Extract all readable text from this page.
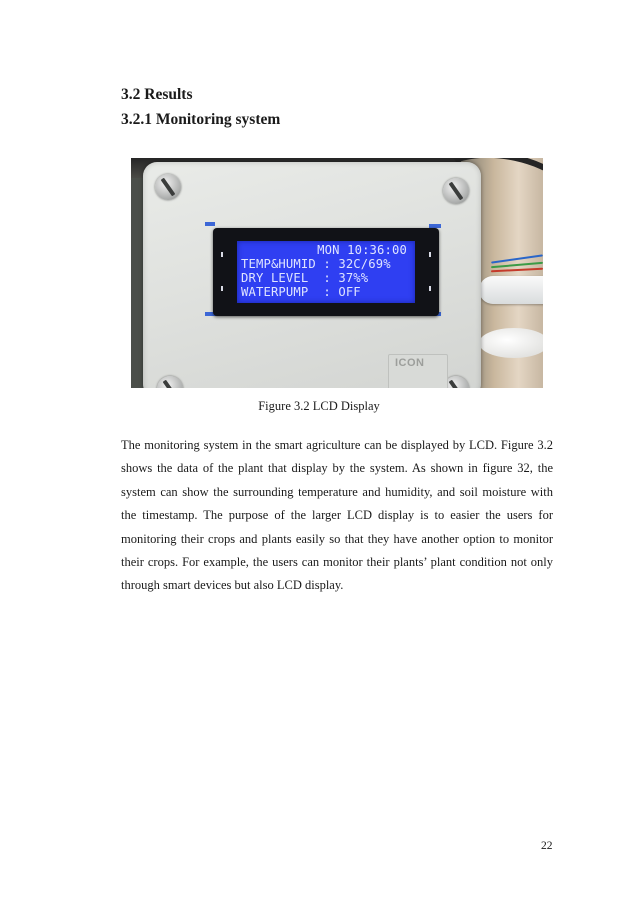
3.2 Results
3.2.1 Monitoring system
MON 10:36:00
TEMP&HUMID : 32C/69%
DRY LEVEL  : 37%%
WATERPUMP  : OFF
ICON
Figure 3.2 LCD Display

The monitoring system in the smart agriculture can be displayed by LCD. Figure 3.2 shows the data of the plant that display by the system. As shown in figure 32, the system can show the surrounding temperature and humidity, and soil moisture with the timestamp. The purpose of the larger LCD display is to easier the users for monitoring their crops and plants easily so that they have another option to monitor their crops. For example, the users can monitor their plants’ plant condition not only through smart devices but also LCD display.

22
